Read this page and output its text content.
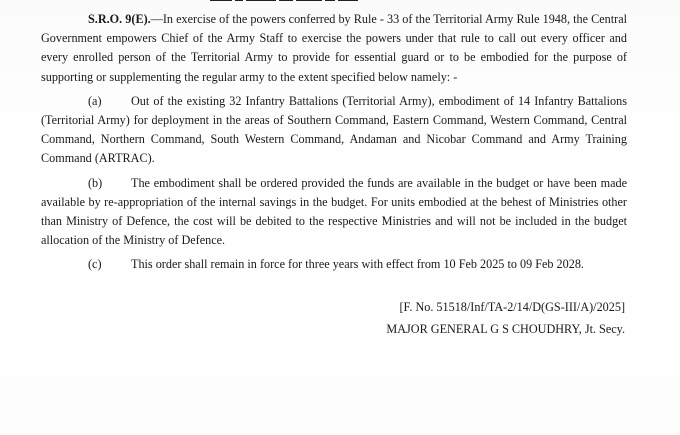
S.R.O. 9(E).—In exercise of the powers conferred by Rule - 33 of the Territorial Army Rule 1948, the Central Government empowers Chief of the Army Staff to exercise the powers under that rule to call out every officer and every enrolled person of the Territorial Army to provide for essential guard or to be embodied for the purpose of supporting or supplementing the regular army to the extent specified below namely: -

(a) Out of the existing 32 Infantry Battalions (Territorial Army), embodiment of 14 Infantry Battalions (Territorial Army) for deployment in the areas of Southern Command, Eastern Command, Western Command, Central Command, Northern Command, South Western Command, Andaman and Nicobar Command and Army Training Command (ARTRAC).

(b) The embodiment shall be ordered provided the funds are available in the budget or have been made available by re-appropriation of the internal savings in the budget. For units embodied at the behest of Ministries other than Ministry of Defence, the cost will be debited to the respective Ministries and will not be included in the budget allocation of the Ministry of Defence.

(c) This order shall remain in force for three years with effect from 10 Feb 2025 to 09 Feb 2028.

[F. No. 51518/Inf/TA-2/14/D(GS-III/A)/2025]
MAJOR GENERAL G S CHOUDHRY, Jt. Secy.
